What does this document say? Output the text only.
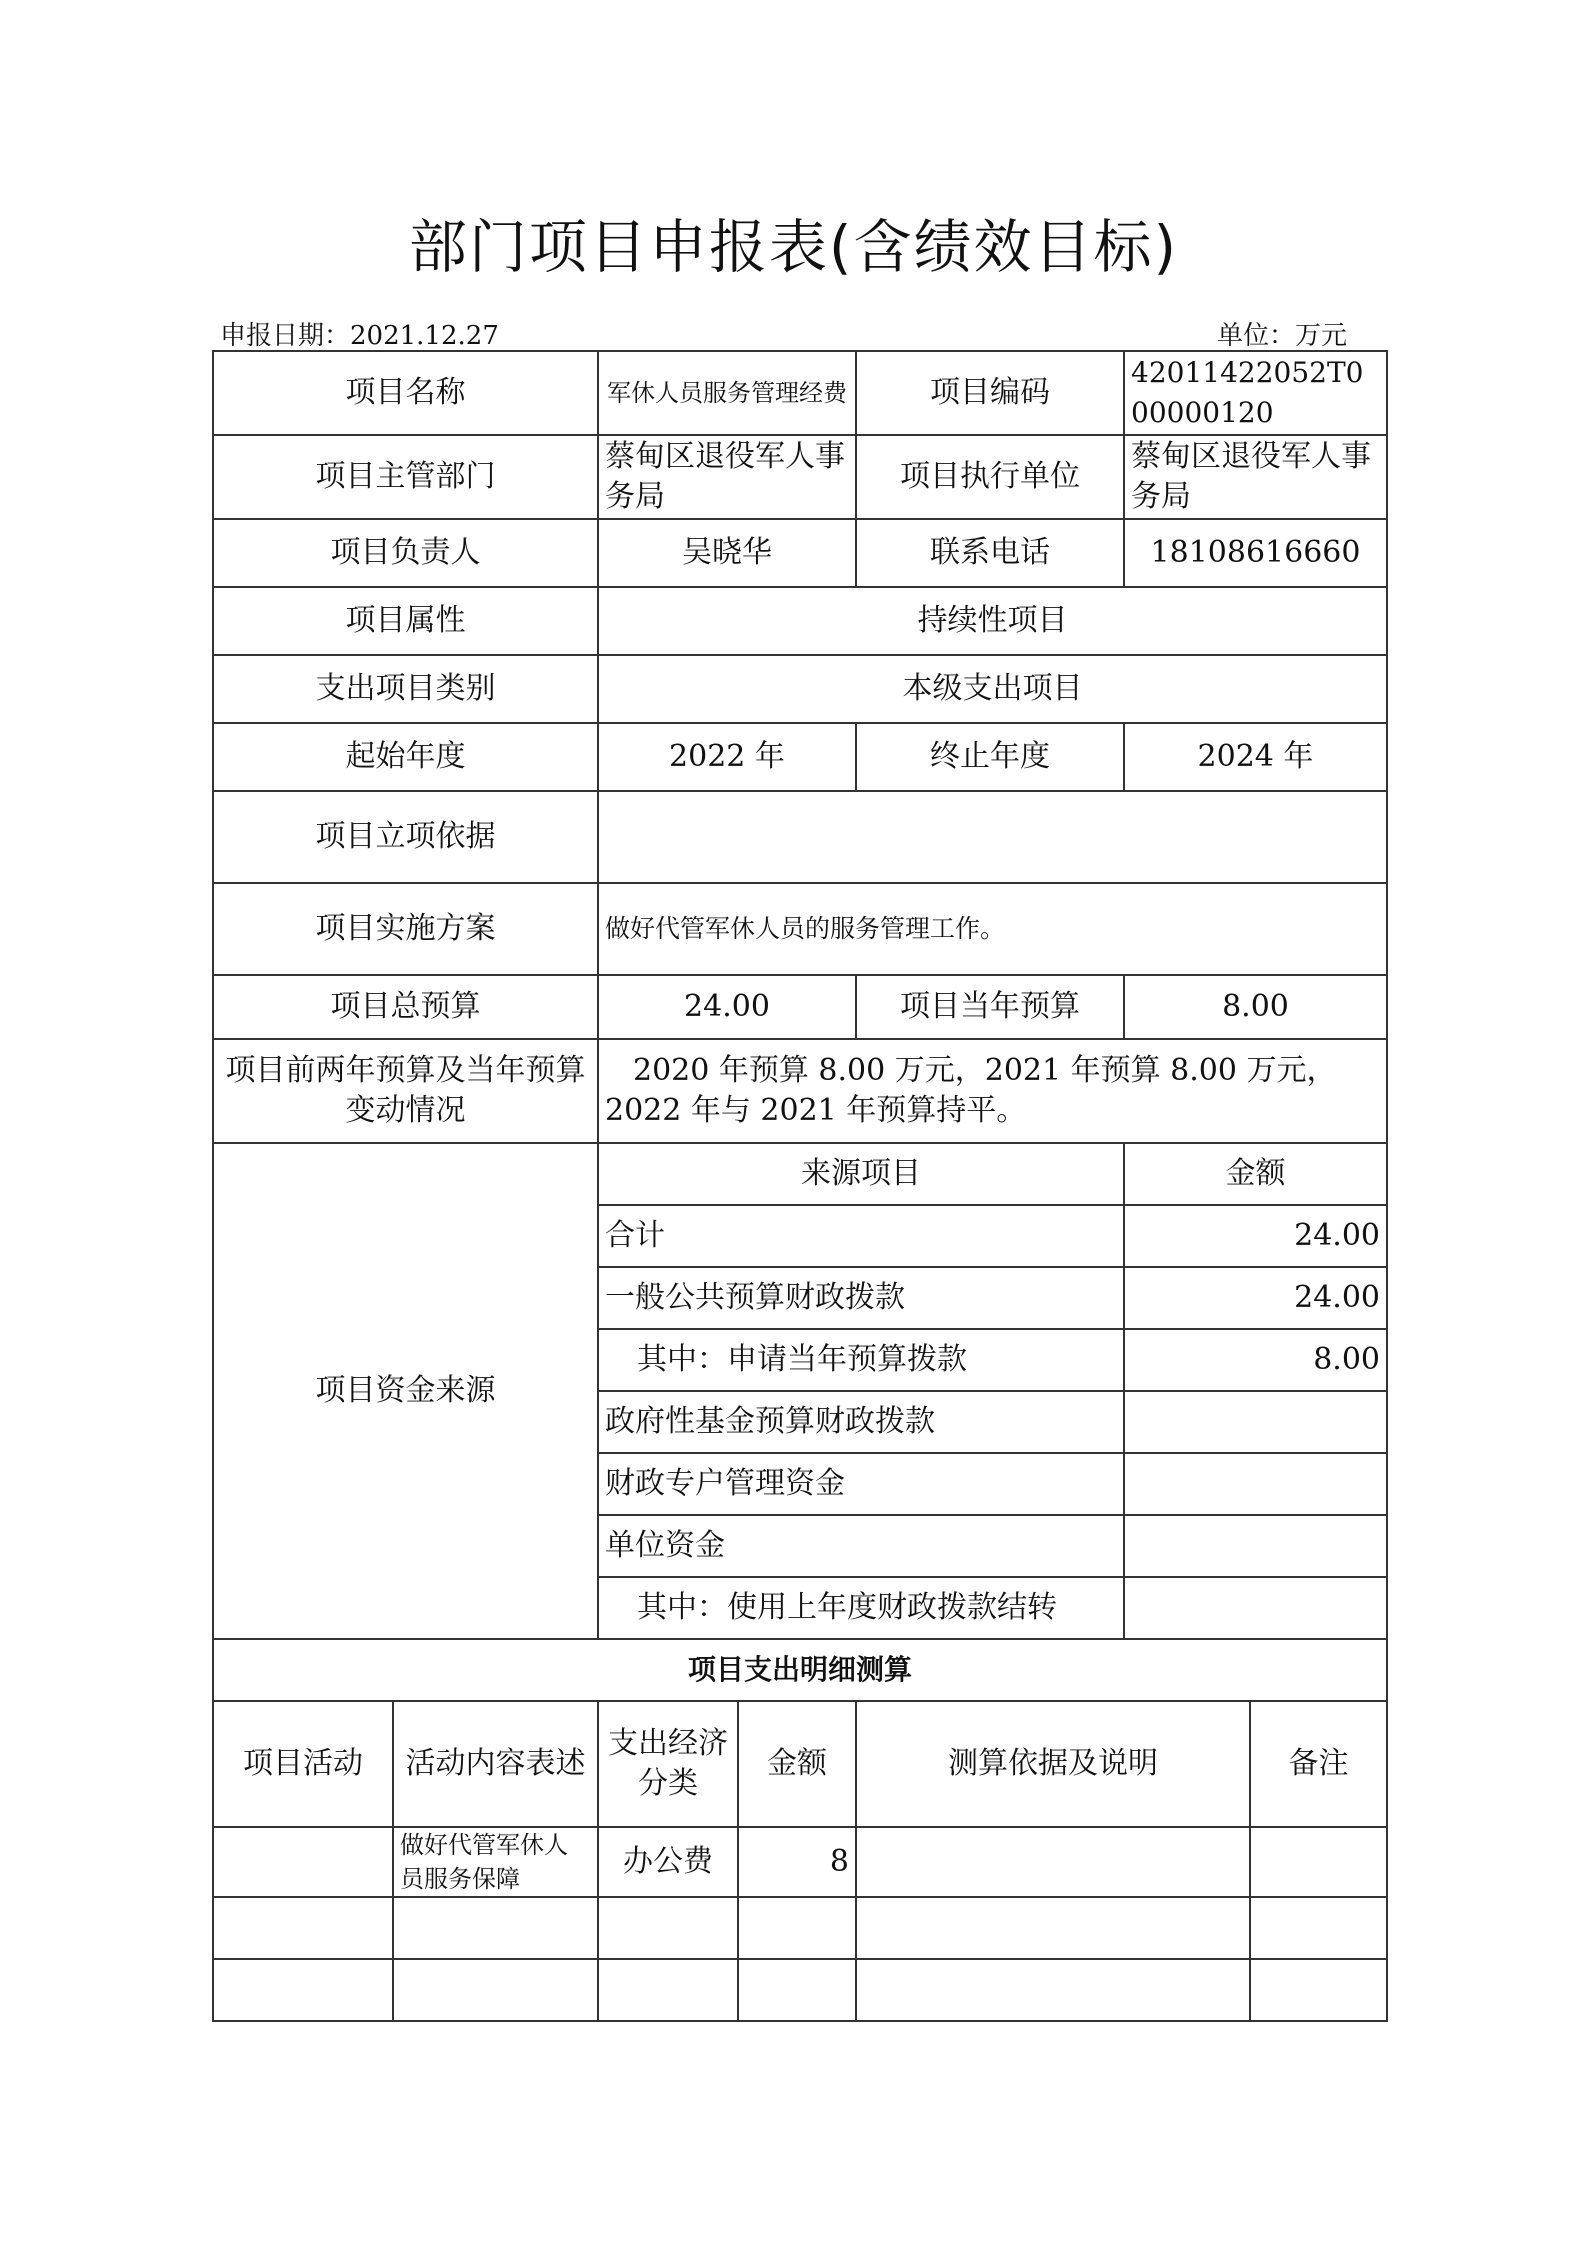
部门项目申报表(含绩效目标)
申报日期：2021.12.27	单位：万元
项目名称		军休人员服务管理经费		项目编码	42011422052T000000120	
项目主管部门		蔡甸区退役军人事务局		项目执行单位	蔡甸区退役军人事务局	
项目负责人		吴晓华		联系电话	18108616660	
项目属性		持续性项目				
支出项目类别		本级支出项目				
起始年度		2022 年		终止年度	2024 年	
项目立项依据						
项目实施方案		做好代管军休人员的服务管理工作。				
项目总预算		24.00		项目当年预算	8.00	
项目前两年预算及当年预算变动情况		2020 年预算 8.00 万元，2021 年预算 8.00 万元，2022 年与 2021 年预算持平。				
项目资金来源		来源项目			金额	
		合计			24.00	
		一般公共预算财政拨款			24.00	
		其中：申请当年预算拨款			8.00	
		政府性基金预算财政拨款				
		财政专户管理资金				
		单位资金				
		其中：使用上年度财政拨款结转				
项目支出明细测算						
项目活动	活动内容表述	支出经济分类	金额	测算依据及说明		备注
	做好代管军休人员服务保障	办公费	8			
